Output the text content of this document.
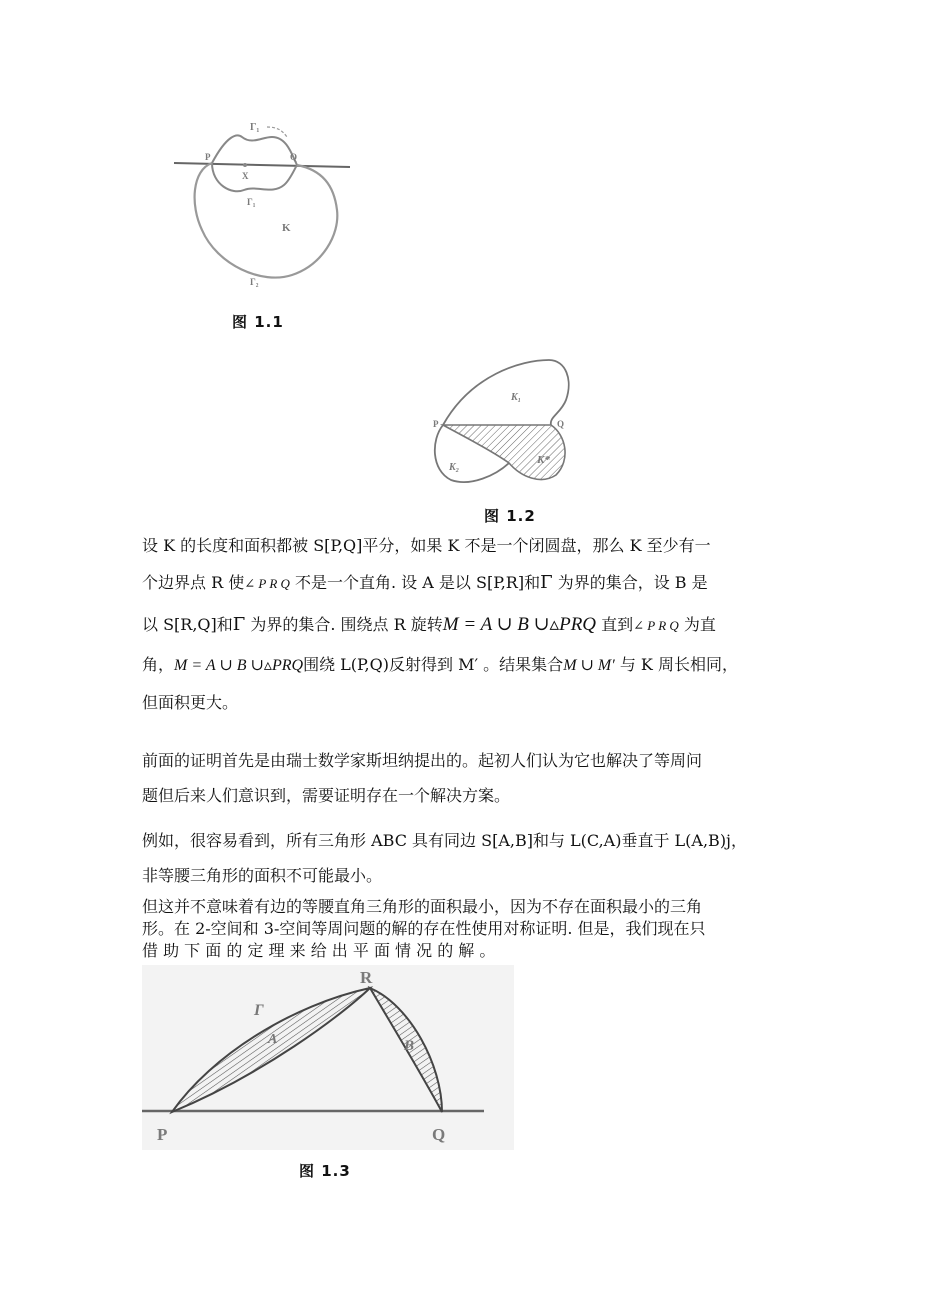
Γ₁
P	Q
X
Γ₁
K
Γ₂
图 1.1
K₁
P	Q
K₂
K*
图 1.2
设 K 的长度和面积都被 S[P,Q]平分，如果 K 不是一个闭圆盘，那么 K 至少有一
个边界点 R 使∠ P R Q 不是一个直角. 设 A 是以 S[P,R]和Γ 为界的集合，设 B 是
以 S[R,Q]和Γ 为界的集合. 围绕点 R 旋转M = A ∪ B ∪▵PRQ 直到∠ P R Q 为直
角，M = A ∪ B ∪▵PRQ围绕 L(P,Q)反射得到 M′ 。结果集合M ∪ M′ 与 K 周长相同，
但面积更大。
前面的证明首先是由瑞士数学家斯坦纳提出的。起初人们认为它也解决了等周问
题但后来人们意识到，需要证明存在一个解决方案。
例如，很容易看到，所有三角形 ABC 具有同边 S[A,B]和与 L(C,A)垂直于 L(A,B)j，
非等腰三角形的面积不可能最小。
但这并不意味着有边的等腰直角三角形的面积最小，因为不存在面积最小的三角
形。在 2-空间和 3-空间等周问题的解的存在性使用对称证明. 但是，我们现在只
借 助 下 面 的 定 理 来 给 出 平 面 情 况 的 解 。
R
Γ
A	B
P	Q
图 1.3
